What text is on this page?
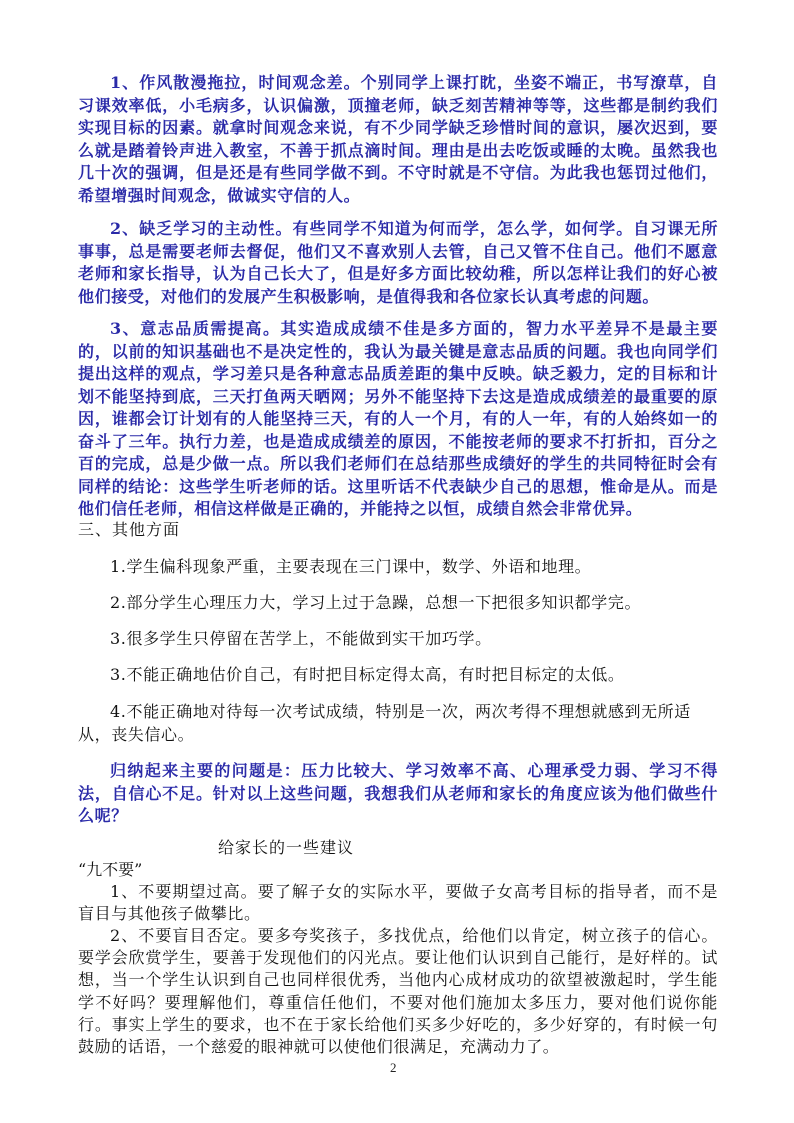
1、作风散漫拖拉，时间观念差。个别同学上课打眈，坐姿不端正，书写潦草，自习课效率低，小毛病多，认识偏激，顶撞老师，缺乏刻苦精神等等，这些都是制约我们实现目标的因素。就拿时间观念来说，有不少同学缺乏珍惜时间的意识，屡次迟到，要么就是踏着铃声进入教室，不善于抓点滴时间。理由是出去吃饭或睡的太晚。虽然我也几十次的强调，但是还是有些同学做不到。不守时就是不守信。为此我也惩罚过他们，希望增强时间观念，做诚实守信的人。

2、缺乏学习的主动性。有些同学不知道为何而学，怎么学，如何学。自习课无所事事，总是需要老师去督促，他们又不喜欢别人去管，自己又管不住自己。他们不愿意老师和家长指导，认为自己长大了，但是好多方面比较幼稚，所以怎样让我们的好心被他们接受，对他们的发展产生积极影响，是值得我和各位家长认真考虑的问题。

3、意志品质需提高。其实造成成绩不佳是多方面的，智力水平差异不是最主要的，以前的知识基础也不是决定性的，我认为最关键是意志品质的问题。我也向同学们提出这样的观点，学习差只是各种意志品质差距的集中反映。缺乏毅力，定的目标和计划不能坚持到底，三天打鱼两天晒网；另外不能坚持下去这是造成成绩差的最重要的原因，谁都会订计划有的人能坚持三天，有的人一个月，有的人一年，有的人始终如一的奋斗了三年。执行力差，也是造成成绩差的原因，不能按老师的要求不打折扣，百分之百的完成，总是少做一点。所以我们老师们在总结那些成绩好的学生的共同特征时会有同样的结论：这些学生听老师的话。这里听话不代表缺少自己的思想，惟命是从。而是他们信任老师，相信这样做是正确的，并能持之以恒，成绩自然会非常优异。

三、其他方面

1.学生偏科现象严重，主要表现在三门课中，数学、外语和地理。

2.部分学生心理压力大，学习上过于急躁，总想一下把很多知识都学完。

3.很多学生只停留在苦学上，不能做到实干加巧学。

3.不能正确地估价自己，有时把目标定得太高，有时把目标定的太低。

4.不能正确地对待每一次考试成绩，特别是一次，两次考得不理想就感到无所适从，丧失信心。

归纳起来主要的问题是：压力比较大、学习效率不高、心理承受力弱、学习不得法，自信心不足。针对以上这些问题，我想我们从老师和家长的角度应该为他们做些什么呢？

给家长的一些建议

“九不要”

1、不要期望过高。要了解子女的实际水平，要做子女高考目标的指导者，而不是盲目与其他孩子做攀比。

2、不要盲目否定。要多夸奖孩子，多找优点，给他们以肯定，树立孩子的信心。要学会欣赏学生，要善于发现他们的闪光点。要让他们认识到自己能行，是好样的。试想，当一个学生认识到自己也同样很优秀，当他内心成材成功的欲望被激起时，学生能学不好吗？要理解他们，尊重信任他们，不要对他们施加太多压力，要对他们说你能行。事实上学生的要求，也不在于家长给他们买多少好吃的，多少好穿的，有时候一句鼓励的话语，一个慈爱的眼神就可以使他们很满足，充满动力了。

2
